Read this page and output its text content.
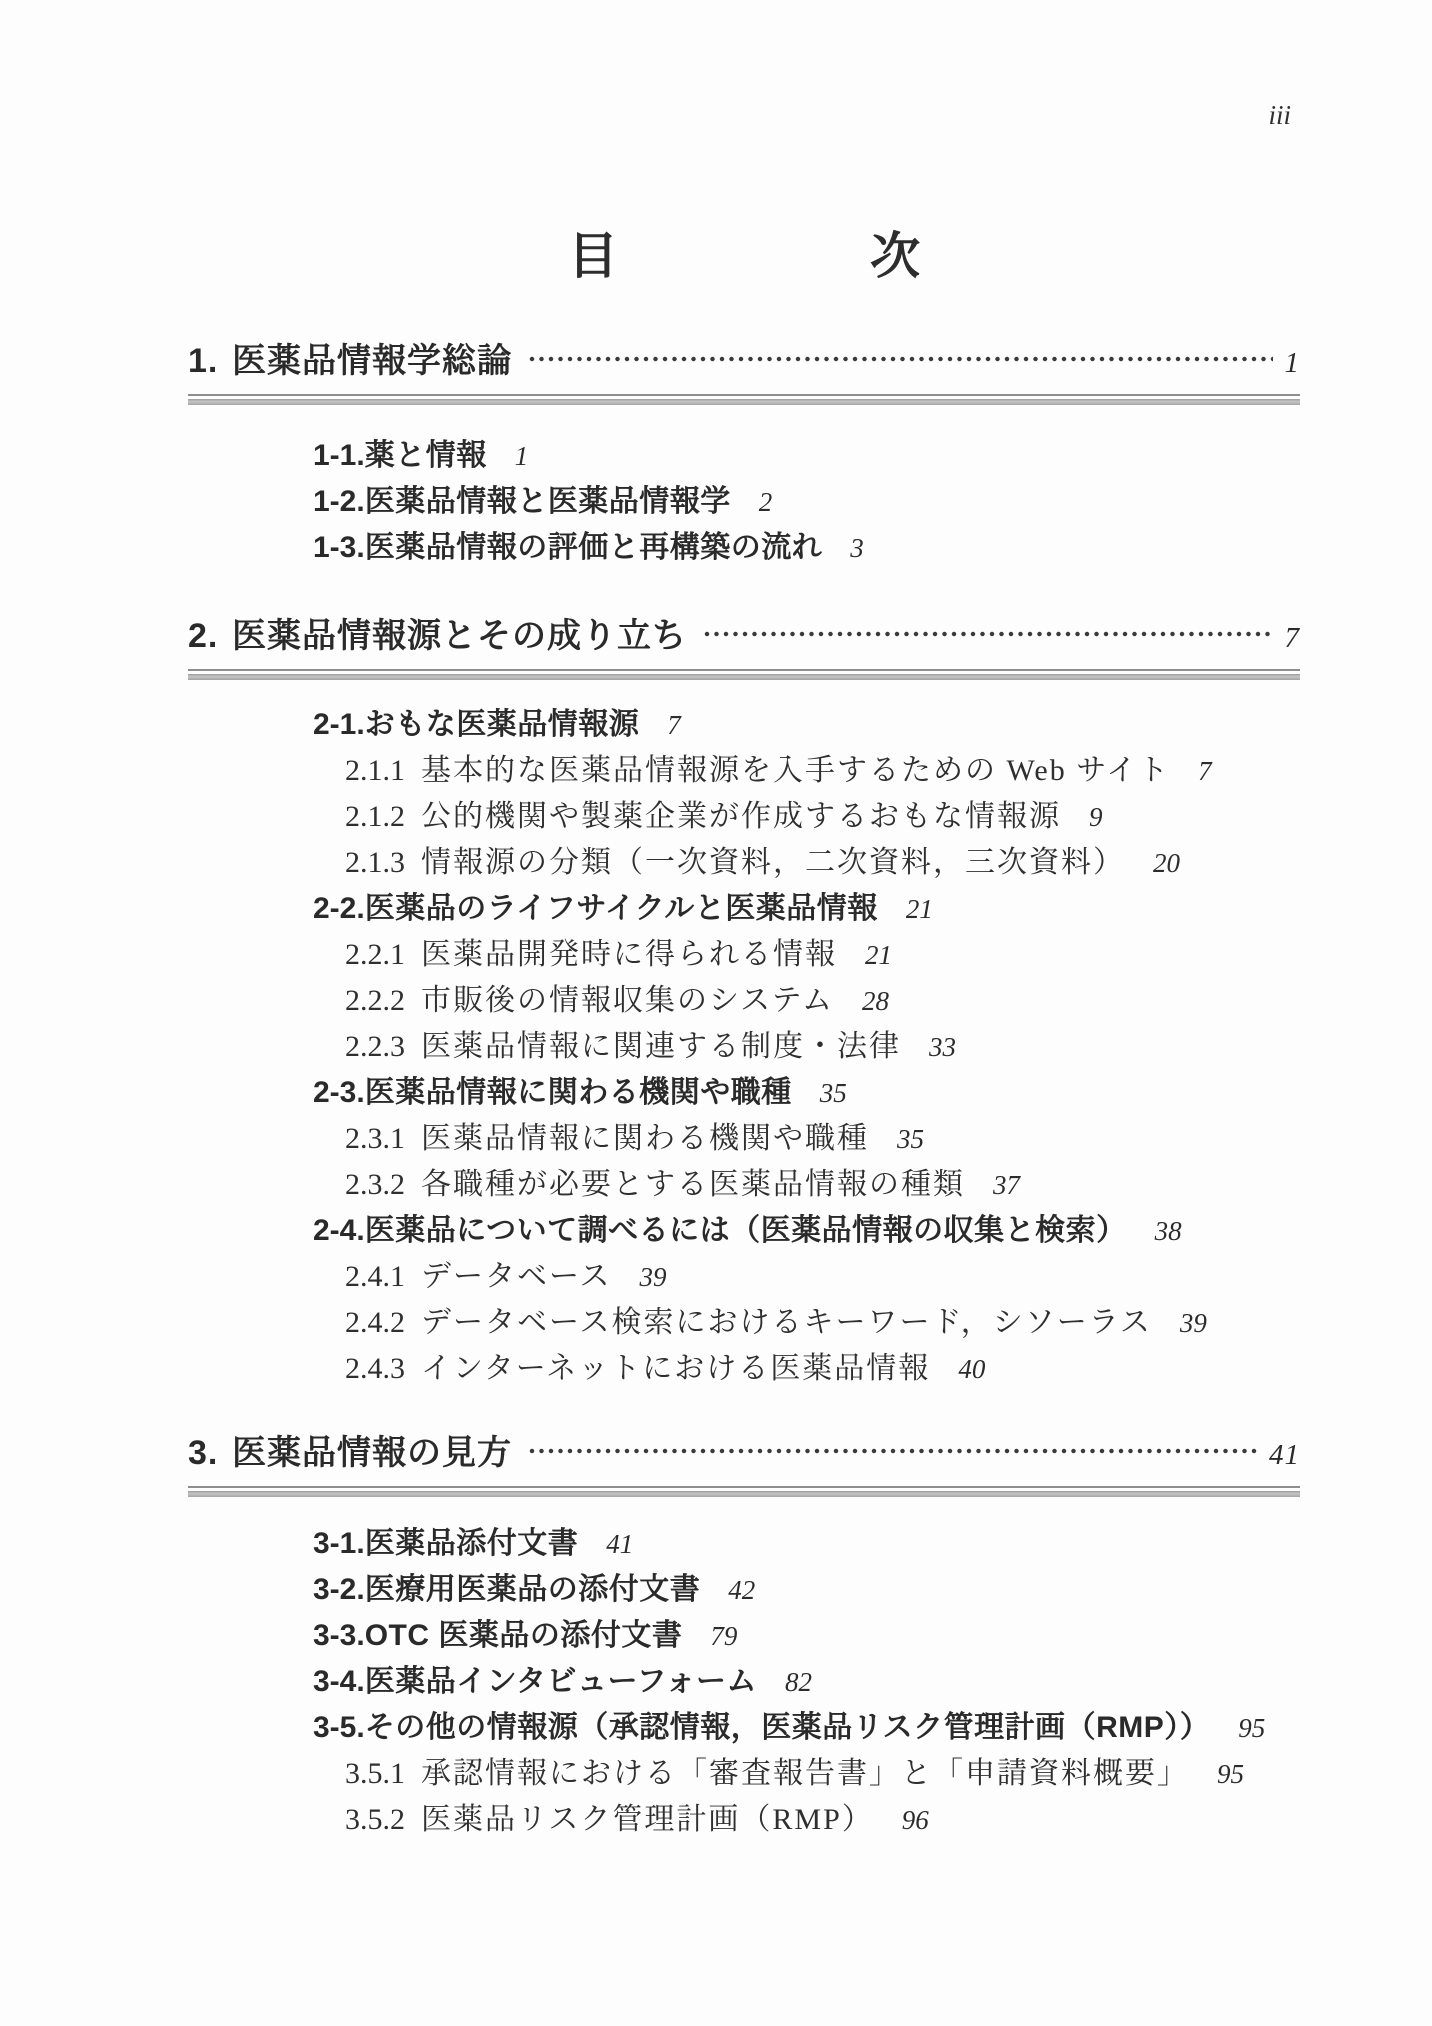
iii
目	次
1. 医薬品情報学総論	1
1-1.薬と情報 1
1-2.医薬品情報と医薬品情報学 2
1-3.医薬品情報の評価と再構築の流れ 3
2. 医薬品情報源とその成り立ち	7
2-1.おもな医薬品情報源 7
2.1.1 基本的な医薬品情報源を入手するための Web サイト 7
2.1.2 公的機関や製薬企業が作成するおもな情報源 9
2.1.3 情報源の分類（一次資料，二次資料，三次資料） 20
2-2.医薬品のライフサイクルと医薬品情報 21
2.2.1 医薬品開発時に得られる情報 21
2.2.2 市販後の情報収集のシステム 28
2.2.3 医薬品情報に関連する制度・法律 33
2-3.医薬品情報に関わる機関や職種 35
2.3.1 医薬品情報に関わる機関や職種 35
2.3.2 各職種が必要とする医薬品情報の種類 37
2-4.医薬品について調べるには（医薬品情報の収集と検索） 38
2.4.1 データベース 39
2.4.2 データベース検索におけるキーワード，シソーラス 39
2.4.3 インターネットにおける医薬品情報 40
3. 医薬品情報の見方	41
3-1.医薬品添付文書 41
3-2.医療用医薬品の添付文書 42
3-3.OTC 医薬品の添付文書 79
3-4.医薬品インタビューフォーム 82
3-5.その他の情報源（承認情報，医薬品リスク管理計画（RMP）） 95
3.5.1 承認情報における「審査報告書」と「申請資料概要」 95
3.5.2 医薬品リスク管理計画（RMP） 96
